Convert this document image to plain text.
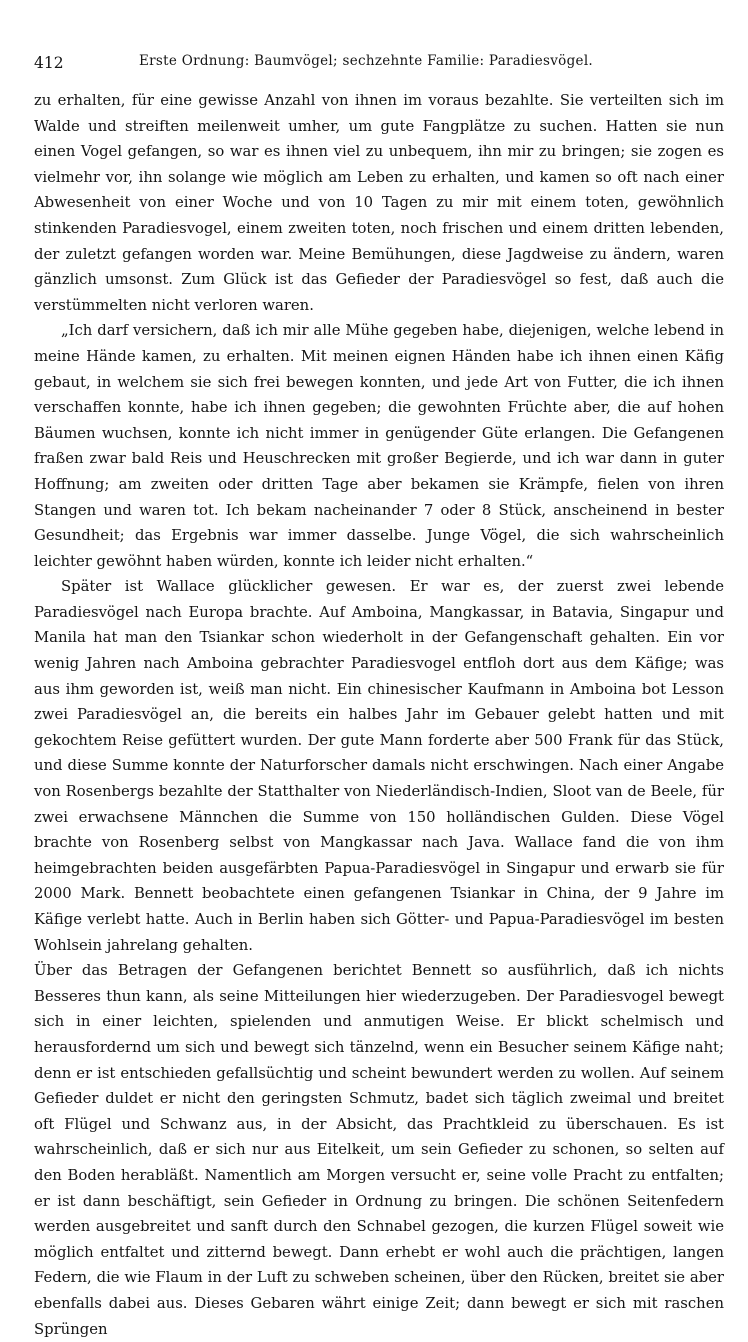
412	Erste Ordnung: Baumvögel; sechzehnte Familie: Paradiesvögel.

zu erhalten, für eine gewisse Anzahl von ihnen im voraus bezahlte. Sie verteilten sich im Walde und streiften meilenweit umher, um gute Fangplätze zu suchen. Hatten sie nun einen Vogel gefangen, so war es ihnen viel zu unbequem, ihn mir zu bringen; sie zogen es vielmehr vor, ihn solange wie möglich am Leben zu erhalten, und kamen so oft nach einer Abwesenheit von einer Woche und von 10 Tagen zu mir mit einem toten, gewöhnlich stinkenden Paradiesvogel, einem zweiten toten, noch frischen und einem dritten lebenden, der zuletzt gefangen worden war. Meine Bemühungen, diese Jagdweise zu ändern, waren gänzlich umsonst. Zum Glück ist das Gefieder der Paradiesvögel so fest, daß auch die verstümmelten nicht verloren waren.

„Ich darf versichern, daß ich mir alle Mühe gegeben habe, diejenigen, welche lebend in meine Hände kamen, zu erhalten. Mit meinen eignen Händen habe ich ihnen einen Käfig gebaut, in welchem sie sich frei bewegen konnten, und jede Art von Futter, die ich ihnen verschaffen konnte, habe ich ihnen gegeben; die gewohnten Früchte aber, die auf hohen Bäumen wuchsen, konnte ich nicht immer in genügender Güte erlangen. Die Gefangenen fraßen zwar bald Reis und Heuschrecken mit großer Begierde, und ich war dann in guter Hoffnung; am zweiten oder dritten Tage aber bekamen sie Krämpfe, fielen von ihren Stangen und waren tot. Ich bekam nacheinander 7 oder 8 Stück, anscheinend in bester Gesundheit; das Ergebnis war immer dasselbe. Junge Vögel, die sich wahrscheinlich leichter gewöhnt haben würden, konnte ich leider nicht erhalten.“

Später ist Wallace glücklicher gewesen. Er war es, der zuerst zwei lebende Paradiesvögel nach Europa brachte. Auf Amboina, Mangkassar, in Batavia, Singapur und Manila hat man den Tsiankar schon wiederholt in der Gefangenschaft gehalten. Ein vor wenig Jahren nach Amboina gebrachter Paradiesvogel entfloh dort aus dem Käfige; was aus ihm geworden ist, weiß man nicht. Ein chinesischer Kaufmann in Amboina bot Lesson zwei Paradiesvögel an, die bereits ein halbes Jahr im Gebauer gelebt hatten und mit gekochtem Reise gefüttert wurden. Der gute Mann forderte aber 500 Frank für das Stück, und diese Summe konnte der Naturforscher damals nicht erschwingen. Nach einer Angabe von Rosenbergs bezahlte der Statthalter von Niederländisch-Indien, Sloot van de Beele, für zwei erwachsene Männchen die Summe von 150 holländischen Gulden. Diese Vögel brachte von Rosenberg selbst von Mangkassar nach Java. Wallace fand die von ihm heimgebrachten beiden ausgefärbten Papua-Paradiesvögel in Singapur und erwarb sie für 2000 Mark. Bennett beobachtete einen gefangenen Tsiankar in China, der 9 Jahre im Käfige verlebt hatte. Auch in Berlin haben sich Götter- und Papua-Paradiesvögel im besten Wohlsein jahrelang gehalten.

Über das Betragen der Gefangenen berichtet Bennett so ausführlich, daß ich nichts Besseres thun kann, als seine Mitteilungen hier wiederzugeben. Der Paradiesvogel bewegt sich in einer leichten, spielenden und anmutigen Weise. Er blickt schelmisch und herausfordernd um sich und bewegt sich tänzelnd, wenn ein Besucher seinem Käfige naht; denn er ist entschieden gefallsüchtig und scheint bewundert werden zu wollen. Auf seinem Gefieder duldet er nicht den geringsten Schmutz, badet sich täglich zweimal und breitet oft Flügel und Schwanz aus, in der Absicht, das Prachtkleid zu überschauen. Es ist wahrscheinlich, daß er sich nur aus Eitelkeit, um sein Gefieder zu schonen, so selten auf den Boden herabläßt. Namentlich am Morgen versucht er, seine volle Pracht zu entfalten; er ist dann beschäftigt, sein Gefieder in Ordnung zu bringen. Die schönen Seitenfedern werden ausgebreitet und sanft durch den Schnabel gezogen, die kurzen Flügel soweit wie möglich entfaltet und zitternd bewegt. Dann erhebt er wohl auch die prächtigen, langen Federn, die wie Flaum in der Luft zu schweben scheinen, über den Rücken, breitet sie aber ebenfalls dabei aus. Dieses Gebaren währt einige Zeit; dann bewegt er sich mit raschen Sprüngen
